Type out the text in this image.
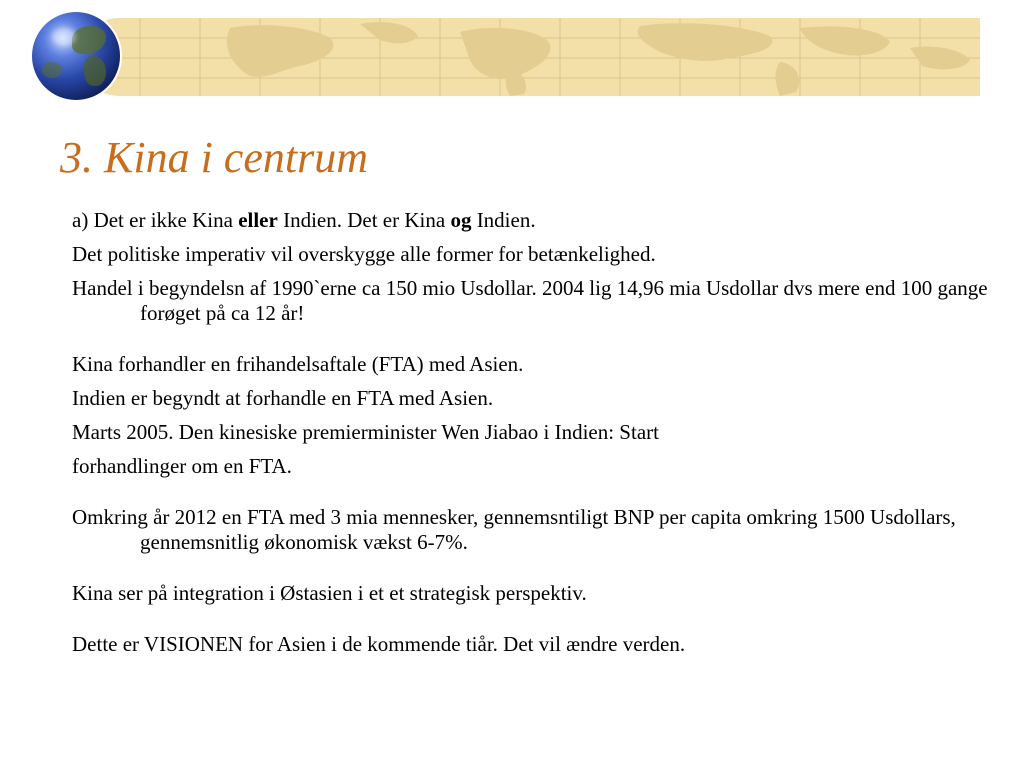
3. Kina i centrum

a) Det er ikke Kina eller Indien. Det er Kina og Indien.

Det politiske imperativ vil overskygge alle former for betænkelighed.

Handel i begyndelsn af 1990`erne ca 150 mio Usdollar. 2004 lig 14,96 mia Usdollar dvs mere end 100 gange forøget på ca 12 år!

Kina forhandler en frihandelsaftale (FTA) med Asien.

Indien er begyndt at forhandle en FTA med Asien.

Marts 2005. Den kinesiske premierminister Wen Jiabao i Indien: Start

forhandlinger om en FTA.

Omkring år 2012 en FTA med 3 mia mennesker, gennemsntiligt BNP per capita omkring 1500 Usdollars, gennemsnitlig økonomisk vækst 6-7%.

Kina ser på integration i Østasien i et et strategisk perspektiv.

Dette er VISIONEN for Asien i de kommende tiår. Det vil ændre verden.
